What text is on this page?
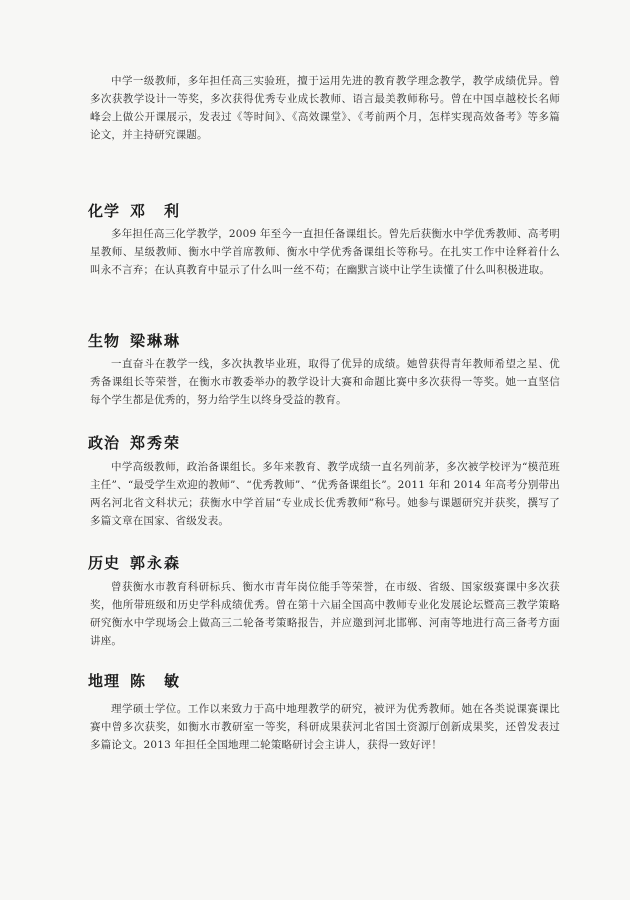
中学一级教师，多年担任高三实验班，擅于运用先进的教育教学理念教学，教学成绩优异。曾多次获教学设计一等奖，多次获得优秀专业成长教师、语言最美教师称号。曾在中国卓越校长名师峰会上做公开课展示，发表过《等时间》、《高效课堂》、《考前两个月，怎样实现高效备考》等多篇论文，并主持研究课题。

化学 邓　利

多年担任高三化学教学，2009 年至今一直担任备课组长。曾先后获衡水中学优秀教师、高考明星教师、星级教师、衡水中学首席教师、衡水中学优秀备课组长等称号。在扎实工作中诠释着什么叫永不言弃；在认真教育中显示了什么叫一丝不苟；在幽默言谈中让学生读懂了什么叫积极进取。

生物 梁琳琳

一直奋斗在教学一线，多次执教毕业班，取得了优异的成绩。她曾获得青年教师希望之星、优秀备课组长等荣誉，在衡水市教委举办的教学设计大赛和命题比赛中多次获得一等奖。她一直坚信每个学生都是优秀的，努力给学生以终身受益的教育。

政治 郑秀荣

中学高级教师，政治备课组长。多年来教育、教学成绩一直名列前茅，多次被学校评为“模范班主任”、“最受学生欢迎的教师”、“优秀教师”、“优秀备课组长”。2011 年和 2014 年高考分别带出两名河北省文科状元；获衡水中学首届“专业成长优秀教师”称号。她参与课题研究并获奖，撰写了多篇文章在国家、省级发表。

历史 郭永森

曾获衡水市教育科研标兵、衡水市青年岗位能手等荣誉，在市级、省级、国家级赛课中多次获奖，他所带班级和历史学科成绩优秀。曾在第十六届全国高中教师专业化发展论坛暨高三教学策略研究衡水中学现场会上做高三二轮备考策略报告，并应邀到河北邯郸、河南等地进行高三备考方面讲座。

地理 陈　敏

理学硕士学位。工作以来致力于高中地理教学的研究，被评为优秀教师。她在各类说课赛课比赛中曾多次获奖，如衡水市教研室一等奖，科研成果获河北省国土资源厅创新成果奖，还曾发表过多篇论文。2013 年担任全国地理二轮策略研讨会主讲人，获得一致好评！
